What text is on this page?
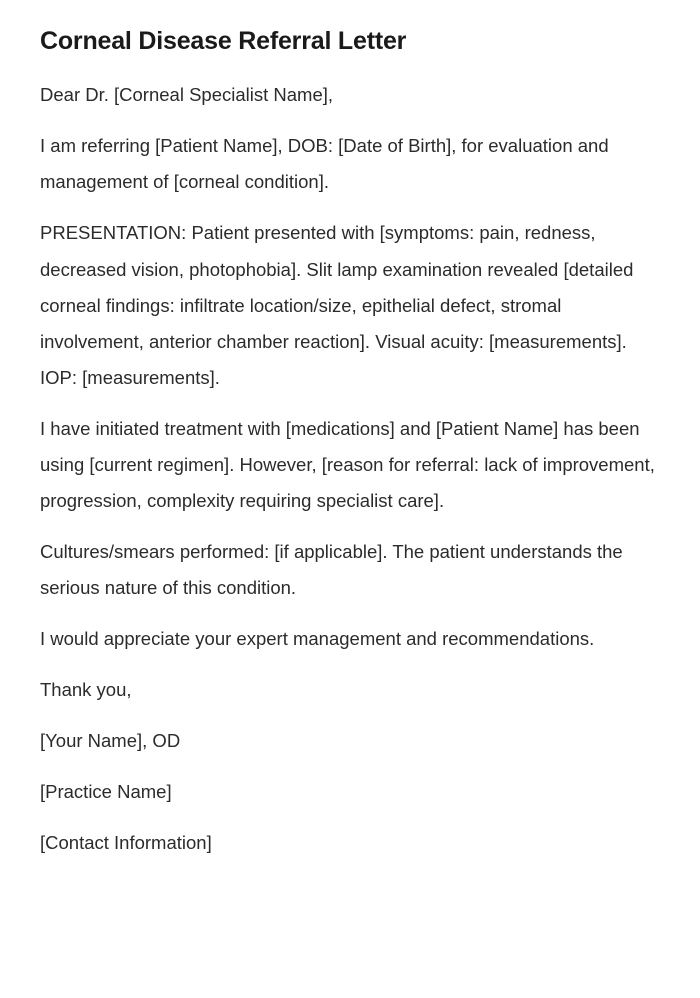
Corneal Disease Referral Letter

Dear Dr. [Corneal Specialist Name],

I am referring [Patient Name], DOB: [Date of Birth], for evaluation and management of [corneal condition].

PRESENTATION: Patient presented with [symptoms: pain, redness, decreased vision, photophobia]. Slit lamp examination revealed [detailed corneal findings: infiltrate location/size, epithelial defect, stromal involvement, anterior chamber reaction]. Visual acuity: [measurements]. IOP: [measurements].

I have initiated treatment with [medications] and [Patient Name] has been using [current regimen]. However, [reason for referral: lack of improvement, progression, complexity requiring specialist care].

Cultures/smears performed: [if applicable]. The patient understands the serious nature of this condition.

I would appreciate your expert management and recommendations.

Thank you,

[Your Name], OD

[Practice Name]

[Contact Information]
